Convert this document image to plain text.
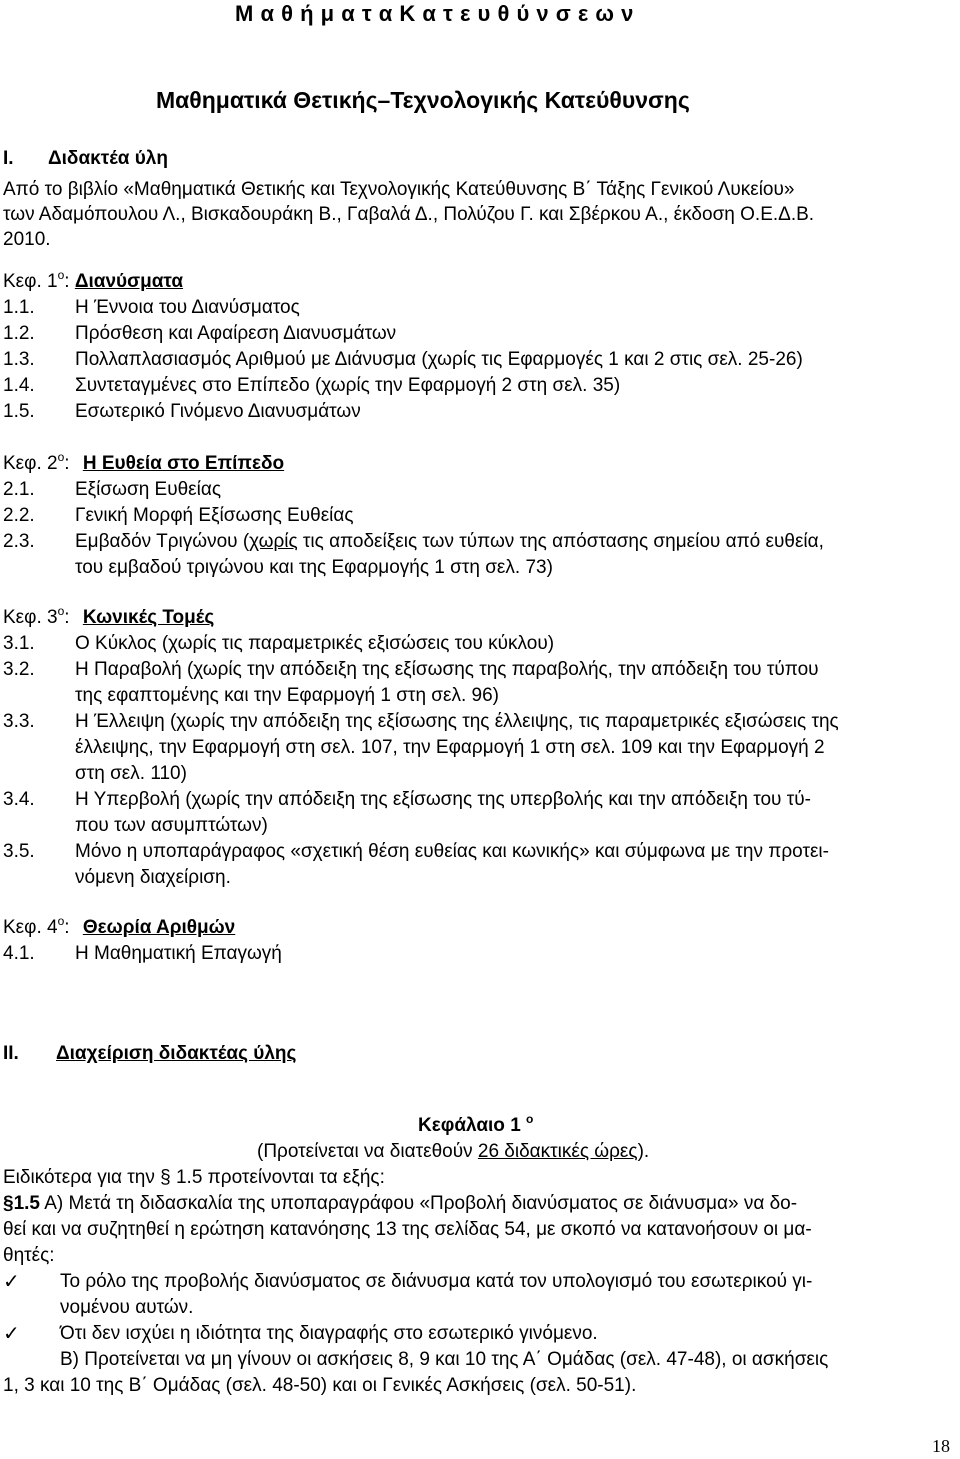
Μ α θ ή μ α τ α Κ α τ ε υ θ ύ ν σ ε ω ν
Μαθηματικά Θετικής–Τεχνολογικής Κατεύθυνσης
Ι. Διδακτέα ύλη
Από το βιβλίο «Μαθηματικά Θετικής και Τεχνολογικής Κατεύθυνσης Β΄ Τάξης Γενικού Λυκείου»
των Αδαμόπουλου Λ., Βισκαδουράκη Β., Γαβαλά Δ., Πολύζου Γ. και Σβέρκου Α., έκδοση Ο.Ε.Δ.Β.
2010.
Κεφ. $1^o$: Διανύσματα
1.1. Η Έννοια του Διανύσματος
1.2. Πρόσθεση και Αφαίρεση Διανυσμάτων
1.3. Πολλαπλασιασμός Αριθμού με Διάνυσμα (χωρίς τις Εφαρμογές 1 και 2 στις σελ. 25-26)
1.4. Συντεταγμένες στο Επίπεδο (χωρίς την Εφαρμογή 2 στη σελ. 35)
1.5. Εσωτερικό Γινόμενο Διανυσμάτων
Κεφ. $2^o$: Η Ευθεία στο Επίπεδο
2.1. Εξίσωση Ευθείας
2.2. Γενική Μορφή Εξίσωσης Ευθείας
2.3. Εμβαδόν Τριγώνου (χωρίς τις αποδείξεις των τύπων της απόστασης σημείου από ευθεία,
του εμβαδού τριγώνου και της Εφαρμογής 1 στη σελ. 73)
Κεφ. $3^o$: Κωνικές Τομές
3.1. Ο Κύκλος (χωρίς τις παραμετρικές εξισώσεις του κύκλου)
3.2. Η Παραβολή (χωρίς την απόδειξη της εξίσωσης της παραβολής, την απόδειξη του τύπου
της εφαπτομένης και την Εφαρμογή 1 στη σελ. 96)
3.3. Η Έλλειψη (χωρίς την απόδειξη της εξίσωσης της έλλειψης, τις παραμετρικές εξισώσεις της
έλλειψης, την Εφαρμογή στη σελ. 107, την Εφαρμογή 1 στη σελ. 109 και την Εφαρμογή 2
στη σελ. 110)
3.4. Η Υπερβολή (χωρίς την απόδειξη της εξίσωσης της υπερβολής και την απόδειξη του τύ-
που των ασυμπτώτων)
3.5. Μόνο η υποπαράγραφος «σχετική θέση ευθείας και κωνικής» και σύμφωνα με την προτει-
νόμενη διαχείριση.
Κεφ. $4^o$: Θεωρία Αριθμών
4.1. Η Μαθηματική Επαγωγή
ΙΙ. Διαχείριση διδακτέας ύλης
Κεφάλαιο 1 $^o$
(Προτείνεται να διατεθούν 26 διδακτικές ώρες).
Ειδικότερα για την § 1.5 προτείνονται τα εξής:
§1.5 Α) Μετά τη διδασκαλία της υποπαραγράφου «Προβολή διανύσματος σε διάνυσμα» να δο-
θεί και να συζητηθεί η ερώτηση κατανόησης 13 της σελίδας 54, με σκοπό να κατανοήσουν οι μα-
θητές:
✓ Το ρόλο της προβολής διανύσματος σε διάνυσμα κατά τον υπολογισμό του εσωτερικού γι-
νομένου αυτών.
✓ Ότι δεν ισχύει η ιδιότητα της διαγραφής στο εσωτερικό γινόμενο.
Β) Προτείνεται να μη γίνουν οι ασκήσεις 8, 9 και 10 της Α΄ Ομάδας (σελ. 47-48), οι ασκήσεις
1, 3 και 10 της Β΄ Ομάδας (σελ. 48-50) και οι Γενικές Ασκήσεις (σελ. 50-51).
18
